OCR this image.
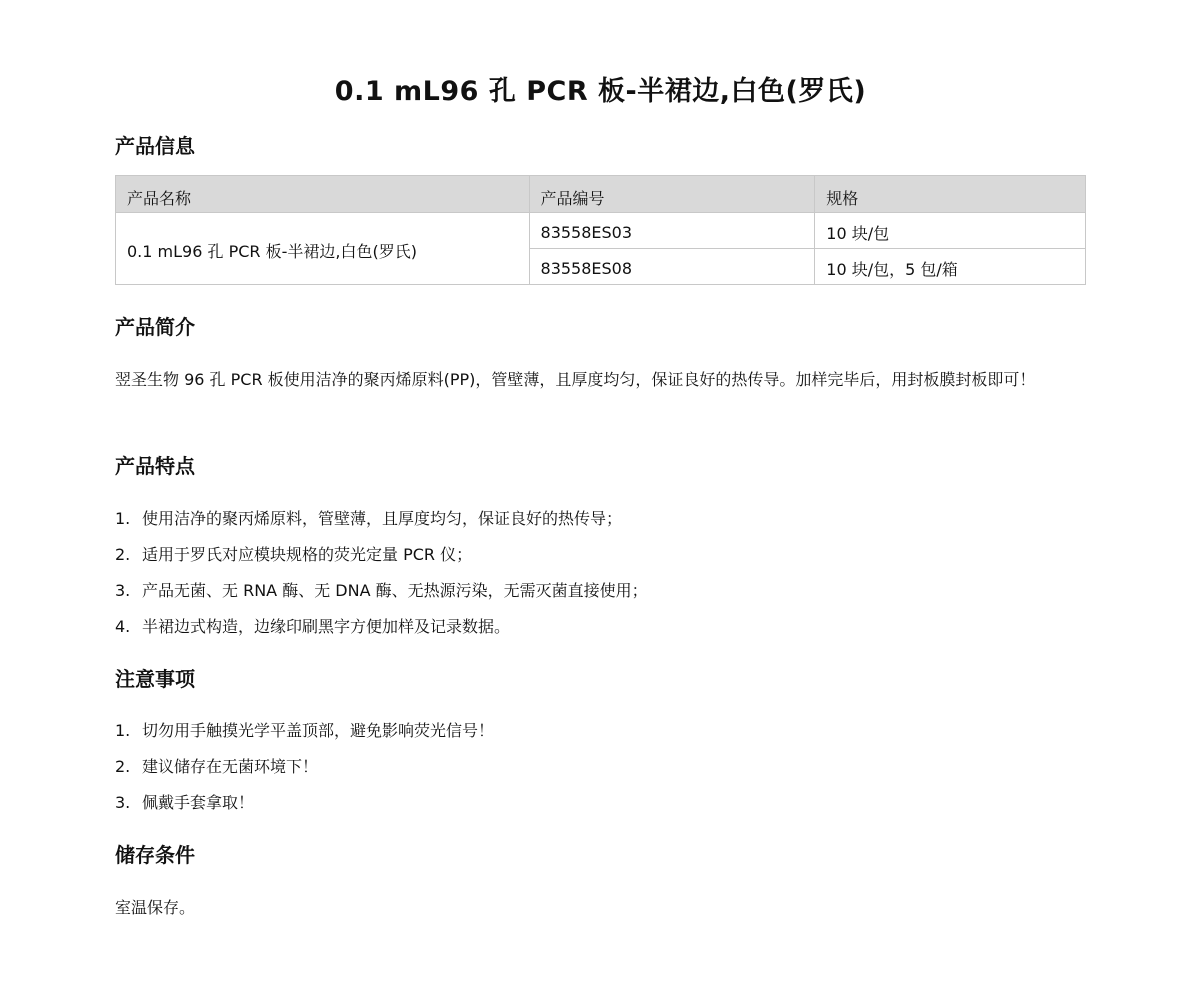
0.1 mL96 孔 PCR 板-半裙边,白色(罗氏)
产品信息
产品名称	产品编号	规格
0.1 mL96 孔 PCR 板-半裙边,白色(罗氏)	83558ES03	10 块/包
	83558ES08	10 块/包，5 包/箱
产品简介
翌圣生物 96 孔 PCR 板使用洁净的聚丙烯原料(PP)，管壁薄，且厚度均匀，保证良好的热传导。加样完毕后，用封板膜封板即可！
产品特点
1. 使用洁净的聚丙烯原料，管壁薄，且厚度均匀，保证良好的热传导；
2. 适用于罗氏对应模块规格的荧光定量 PCR 仪；
3. 产品无菌、无 RNA 酶、无 DNA 酶、无热源污染，无需灭菌直接使用；
4. 半裙边式构造，边缘印刷黑字方便加样及记录数据。
注意事项
1. 切勿用手触摸光学平盖顶部，避免影响荧光信号！
2. 建议储存在无菌环境下！
3. 佩戴手套拿取！
储存条件
室温保存。
